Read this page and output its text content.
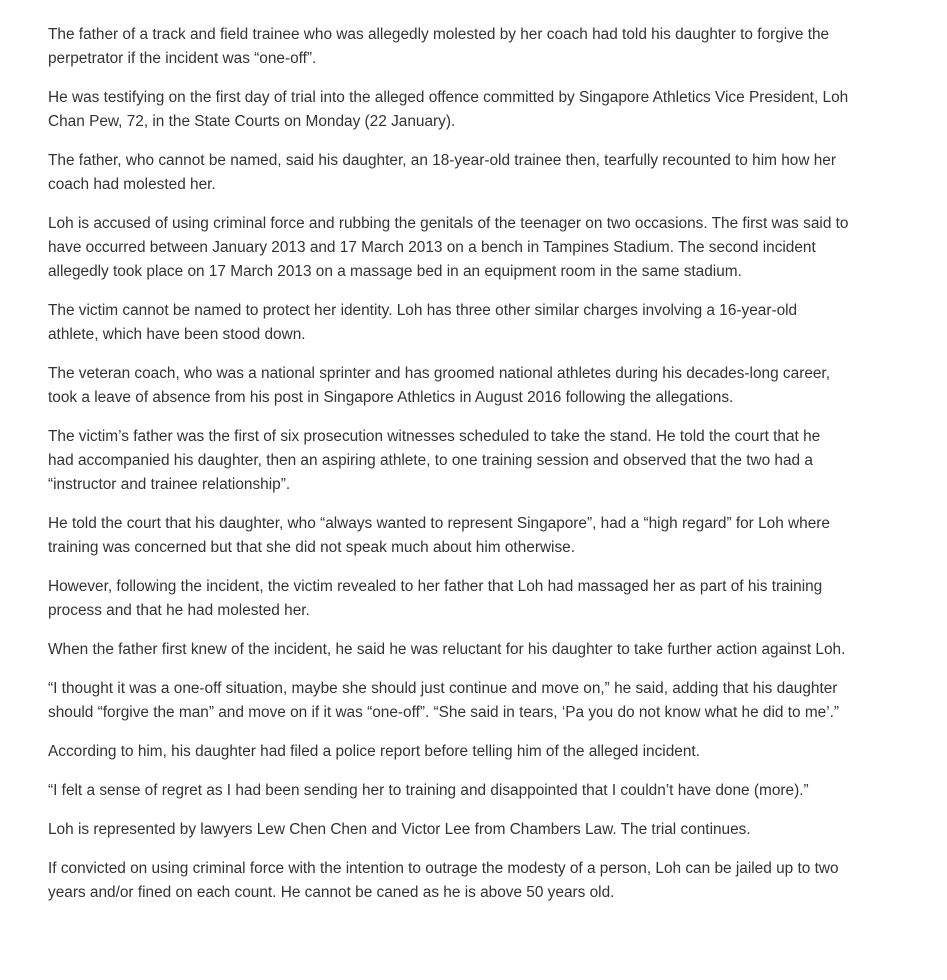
The father of a track and field trainee who was allegedly molested by her coach had told his daughter to forgive the perpetrator if the incident was “one-off”.

He was testifying on the first day of trial into the alleged offence committed by Singapore Athletics Vice President, Loh Chan Pew, 72, in the State Courts on Monday (22 January).

The father, who cannot be named, said his daughter, an 18-year-old trainee then, tearfully recounted to him how her coach had molested her.

Loh is accused of using criminal force and rubbing the genitals of the teenager on two occasions. The first was said to have occurred between January 2013 and 17 March 2013 on a bench in Tampines Stadium. The second incident allegedly took place on 17 March 2013 on a massage bed in an equipment room in the same stadium.

The victim cannot be named to protect her identity. Loh has three other similar charges involving a 16-year-old athlete, which have been stood down.

The veteran coach, who was a national sprinter and has groomed national athletes during his decades-long career, took a leave of absence from his post in Singapore Athletics in August 2016 following the allegations.

The victim’s father was the first of six prosecution witnesses scheduled to take the stand. He told the court that he had accompanied his daughter, then an aspiring athlete, to one training session and observed that the two had a “instructor and trainee relationship”.

He told the court that his daughter, who “always wanted to represent Singapore”, had a “high regard” for Loh where training was concerned but that she did not speak much about him otherwise.

However, following the incident, the victim revealed to her father that Loh had massaged her as part of his training process and that he had molested her.

When the father first knew of the incident, he said he was reluctant for his daughter to take further action against Loh.

“I thought it was a one-off situation, maybe she should just continue and move on,” he said, adding that his daughter should “forgive the man” and move on if it was “one-off”. “She said in tears, ‘Pa you do not know what he did to me’.”

According to him, his daughter had filed a police report before telling him of the alleged incident.

“I felt a sense of regret as I had been sending her to training and disappointed that I couldn’t have done (more).”

Loh is represented by lawyers Lew Chen Chen and Victor Lee from Chambers Law. The trial continues.

If convicted on using criminal force with the intention to outrage the modesty of a person, Loh can be jailed up to two years and/or fined on each count. He cannot be caned as he is above 50 years old.
